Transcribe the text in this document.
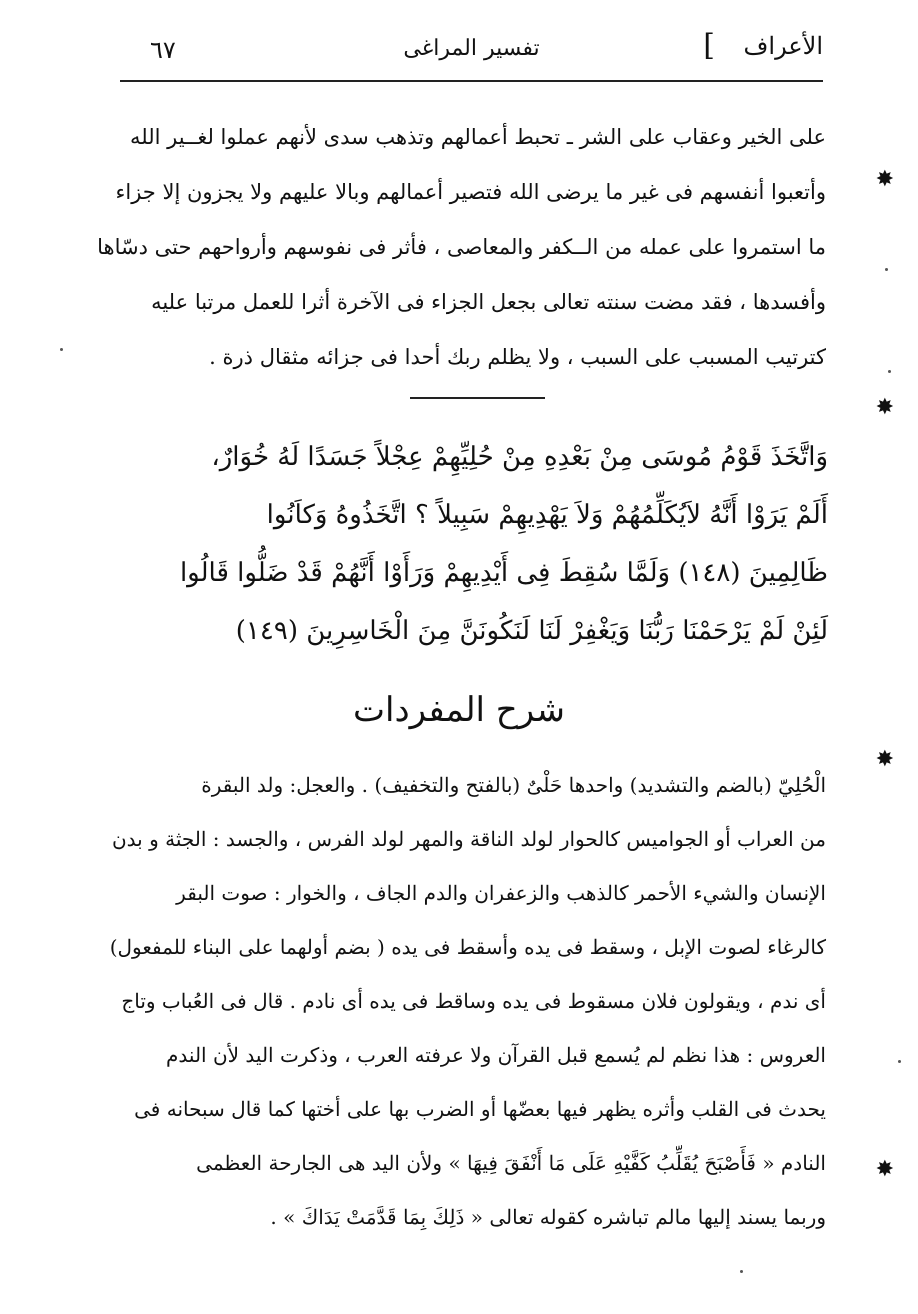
الأعراف
]
تفسير المراغى
٦٧
على الخير وعقاب على الشر ـ تحبط أعمالهم وتذهب سدى لأنهم عملوا لغــير الله
وأتعبوا أنفسهم فى غير ما يرضى الله فتصير أعمالهم وبالا عليهم ولا يجزون إلا جزاء
ما استمروا على عمله من الــكفر والمعاصى ، فأثر فى نفوسهم وأرواحهم حتى دسّاها
وأفسدها ، فقد مضت سنته تعالى بجعل الجزاء فى الآخرة أثرا للعمل مرتبا عليه
كترتيب المسبب على السبب ، ولا يظلم ربك أحدا فى جزائه مثقال ذرة .
وَاتَّخَذَ قَوْمُ مُوسَى مِنْ بَعْدِهِ مِنْ حُلِيِّهِمْ عِجْلاً جَسَدًا لَهُ خُوَارٌ،
أَلَمْ يَرَوْا أَنَّهُ لاَيُكَلِّمُهُمْ وَلاَ يَهْدِيهِمْ سَبِيلاً ؟ اتَّخَذُوهُ وَكاَنُوا
ظَالِمِينَ (١٤٨) وَلَمَّا سُقِطَ فِى أَيْدِيهِمْ وَرَأَوْا أَنَّهُمْ قَدْ ضَلُّوا قَالُوا
لَئِنْ لَمْ يَرْحَمْنَا رَبُّنَا وَيَغْفِرْ لَنَا لَنَكُونَنَّ مِنَ الْخَاسِرِينَ (١٤٩)
شرح المفردات
الْحُلِيّ (بالضم والتشديد) واحدها حَلْىٌ (بالفتح والتخفيف) . والعجل: ولد البقرة
من العراب أو الجواميس كالحوار لولد الناقة والمهر لولد الفرس ، والجسد : الجثة و بدن
الإنسان والشيء الأحمر كالذهب والزعفران والدم الجاف ، والخوار : صوت البقر
كالرغاء لصوت الإبل ، وسقط فى يده وأسقط فى يده ( بضم أولهما على البناء للمفعول)
أى ندم ، ويقولون فلان مسقوط فى يده وساقط فى يده أى نادم . قال فى العُباب وتاج
العروس : هذا نظم لم يُسمع قبل القرآن ولا عرفته العرب ، وذكرت اليد لأن الندم
يحدث فى القلب وأثره يظهر فيها بعضّها أو الضرب بها على أختها كما قال سبحانه فى
النادم « فَأَصْبَحَ يُقَلِّبُ كَفَّيْهِ عَلَى مَا أَنْفَقَ فِيهَا » ولأن اليد هى الجارحة العظمى
وربما يسند إليها مالم تباشره كقوله تعالى « ذَلِكَ بِمَا قَدَّمَتْ يَدَاكَ » .
✸
✸
✸
✸
